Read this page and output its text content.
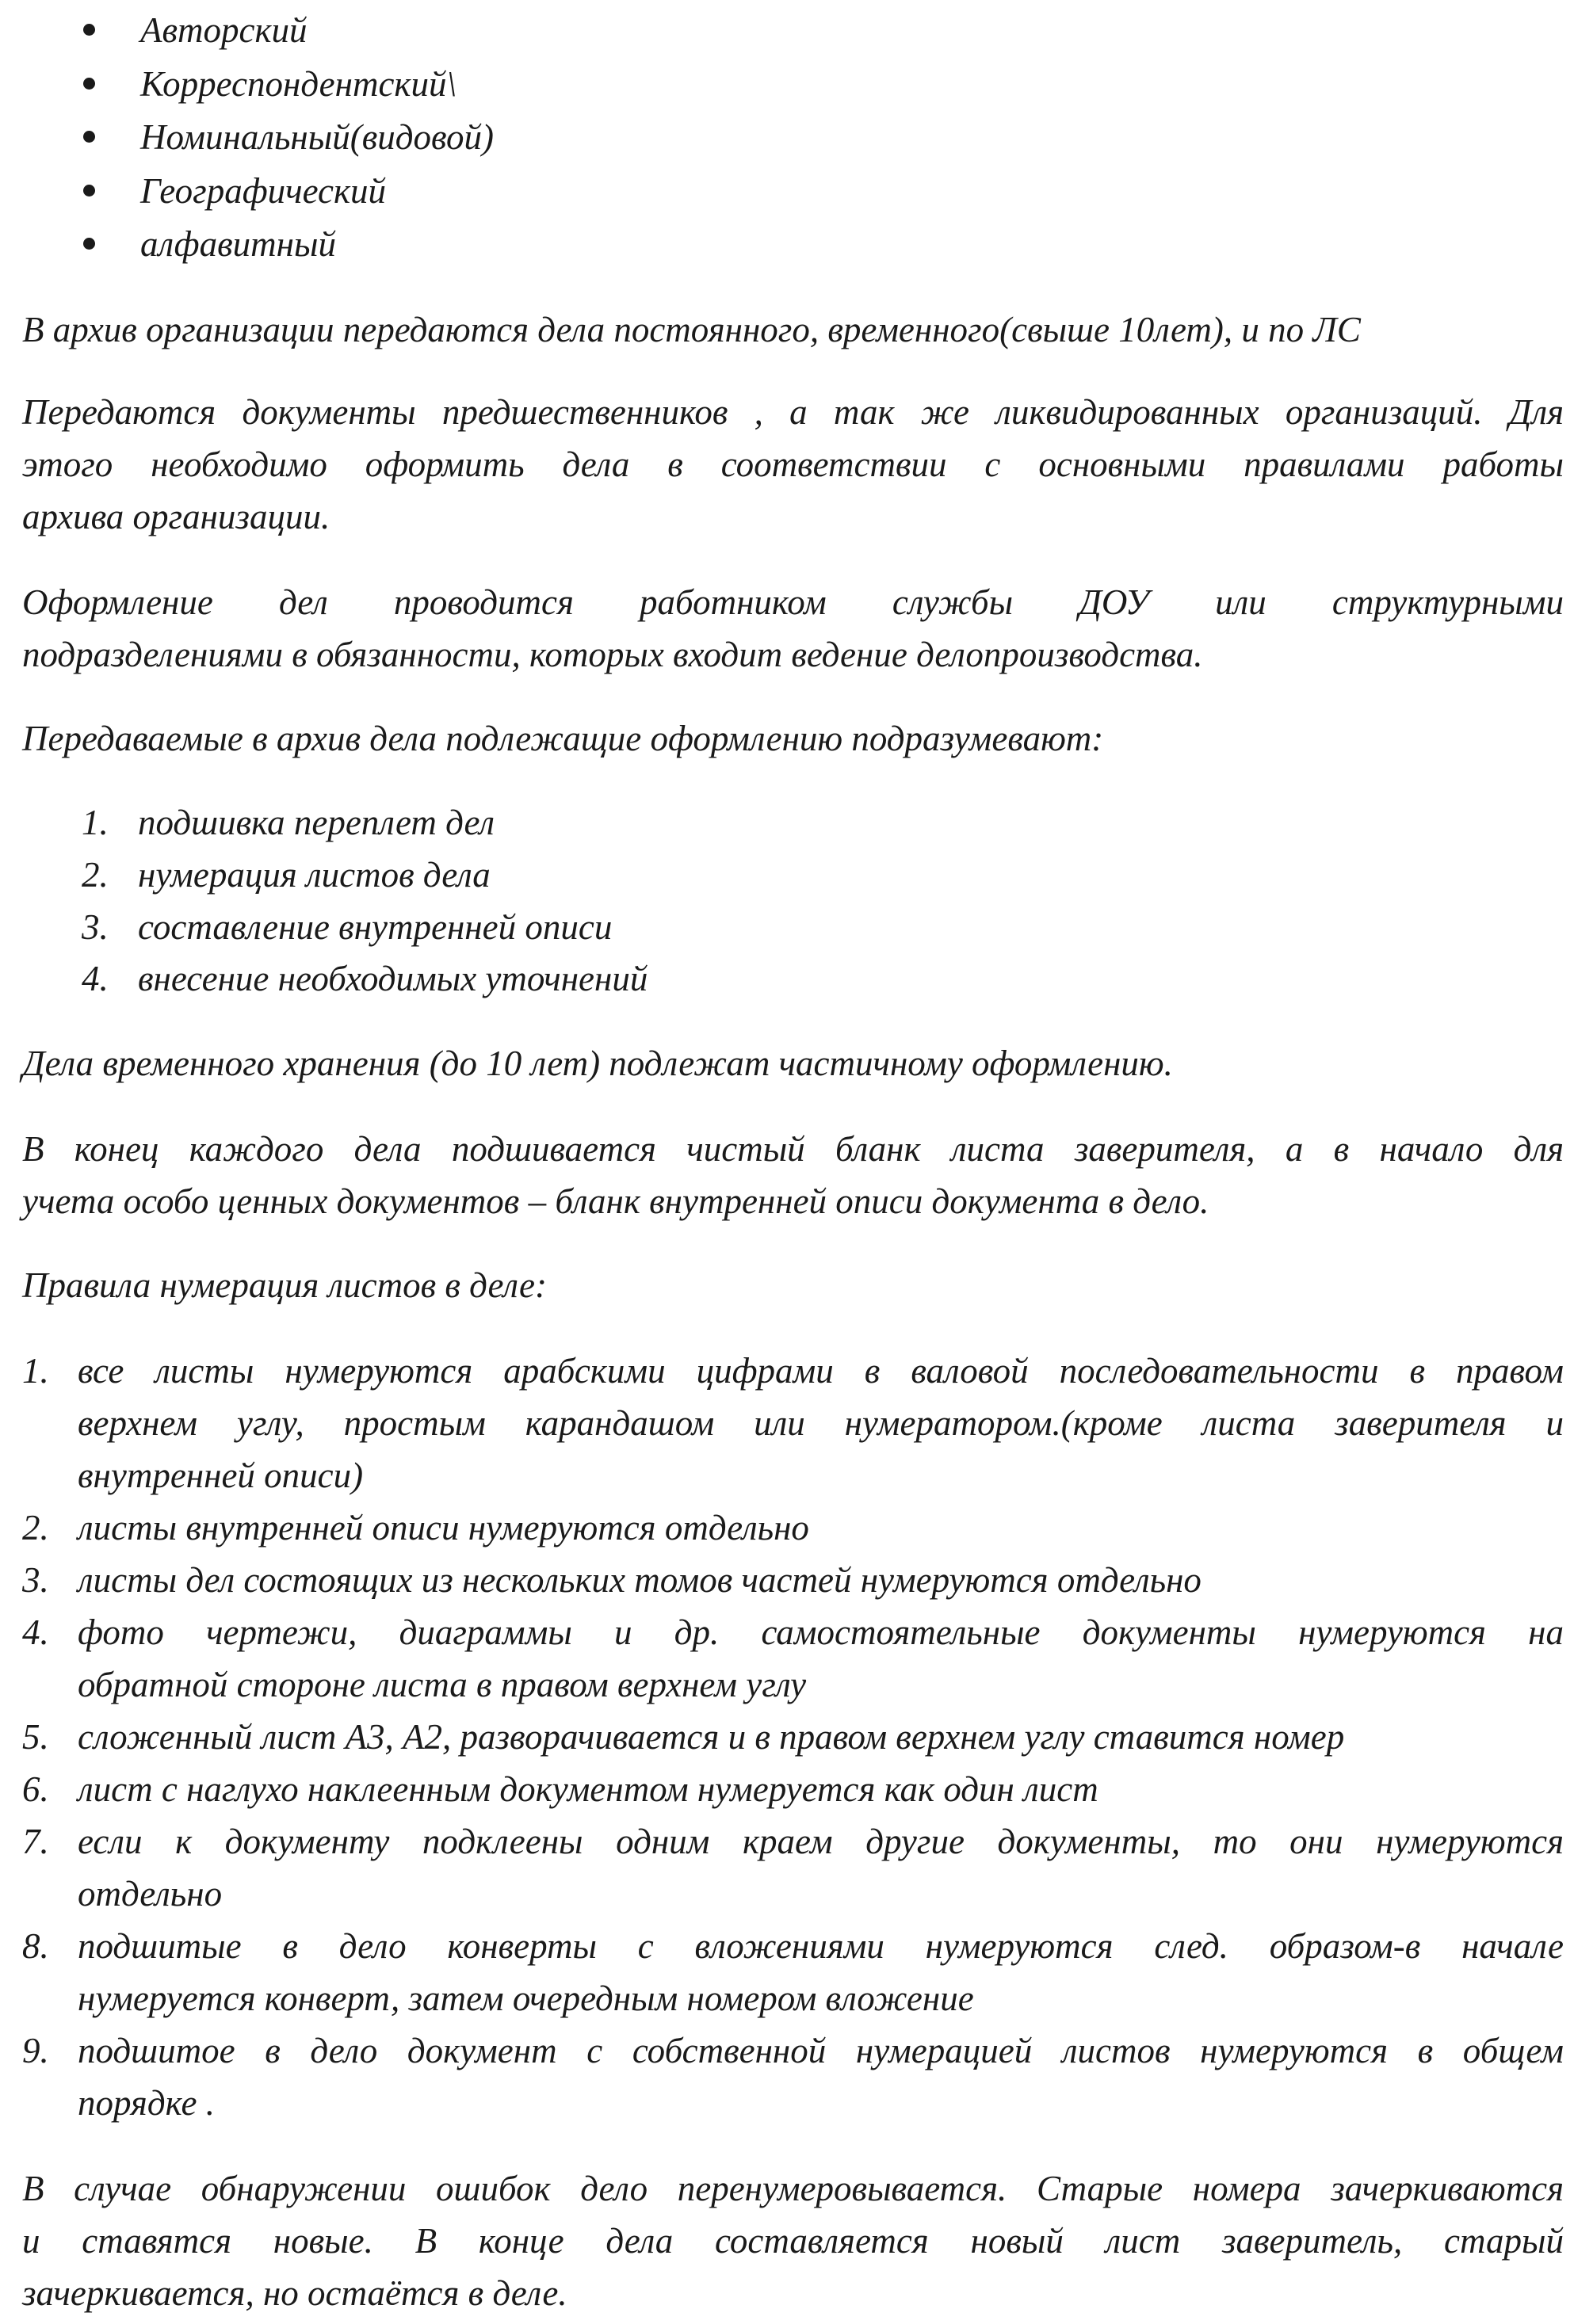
Авторский
Корреспондентский\
Номинальный(видовой)
Географический
алфавитный
В архив организации передаются дела постоянного, временного(свыше 10лет), и по ЛС
Передаются документы предшественников , а так же ликвидированных организаций. Для
этого необходимо оформить дела в соответствии с основными правилами работы
архива организации.
Оформление дел проводится работником службы ДОУ или структурными
подразделениями в обязанности, которых входит ведение делопроизводства.
Передаваемые в архив дела подлежащие оформлению подразумевают:
1. подшивка переплет дел
2. нумерация листов дела
3. составление внутренней описи
4. внесение необходимых уточнений
Дела временного хранения (до 10 лет) подлежат частичному оформлению.
В конец каждого дела подшивается чистый бланк листа заверителя, а в начало для
учета особо ценных документов – бланк внутренней описи документа в дело.
Правила нумерация листов в деле:
1. все листы нумеруются арабскими цифрами в валовой последовательности в правом
верхнем углу, простым карандашом или нумератором.(кроме листа заверителя и
внутренней описи)
2. листы внутренней описи нумеруются отдельно
3. листы дел состоящих из нескольких томов частей нумеруются отдельно
4. фото чертежи, диаграммы и др. самостоятельные документы нумеруются на
обратной стороне листа в правом верхнем углу
5. сложенный лист А3, А2, разворачивается и в правом верхнем углу ставится номер
6. лист с наглухо наклеенным документом нумеруется как один лист
7. если к документу подклеены одним краем другие документы, то они нумеруются
отдельно
8. подшитые в дело конверты с вложениями нумеруются след. образом-в начале
нумеруется конверт, затем очередным номером вложение
9. подшитое в дело документ с собственной нумерацией листов нумеруются в общем
порядке .
В случае обнаружении ошибок дело перенумеровывается. Старые номера зачеркиваются
и ставятся новые. В конце дела составляется новый лист заверитель, старый
зачеркивается, но остаётся в деле.
